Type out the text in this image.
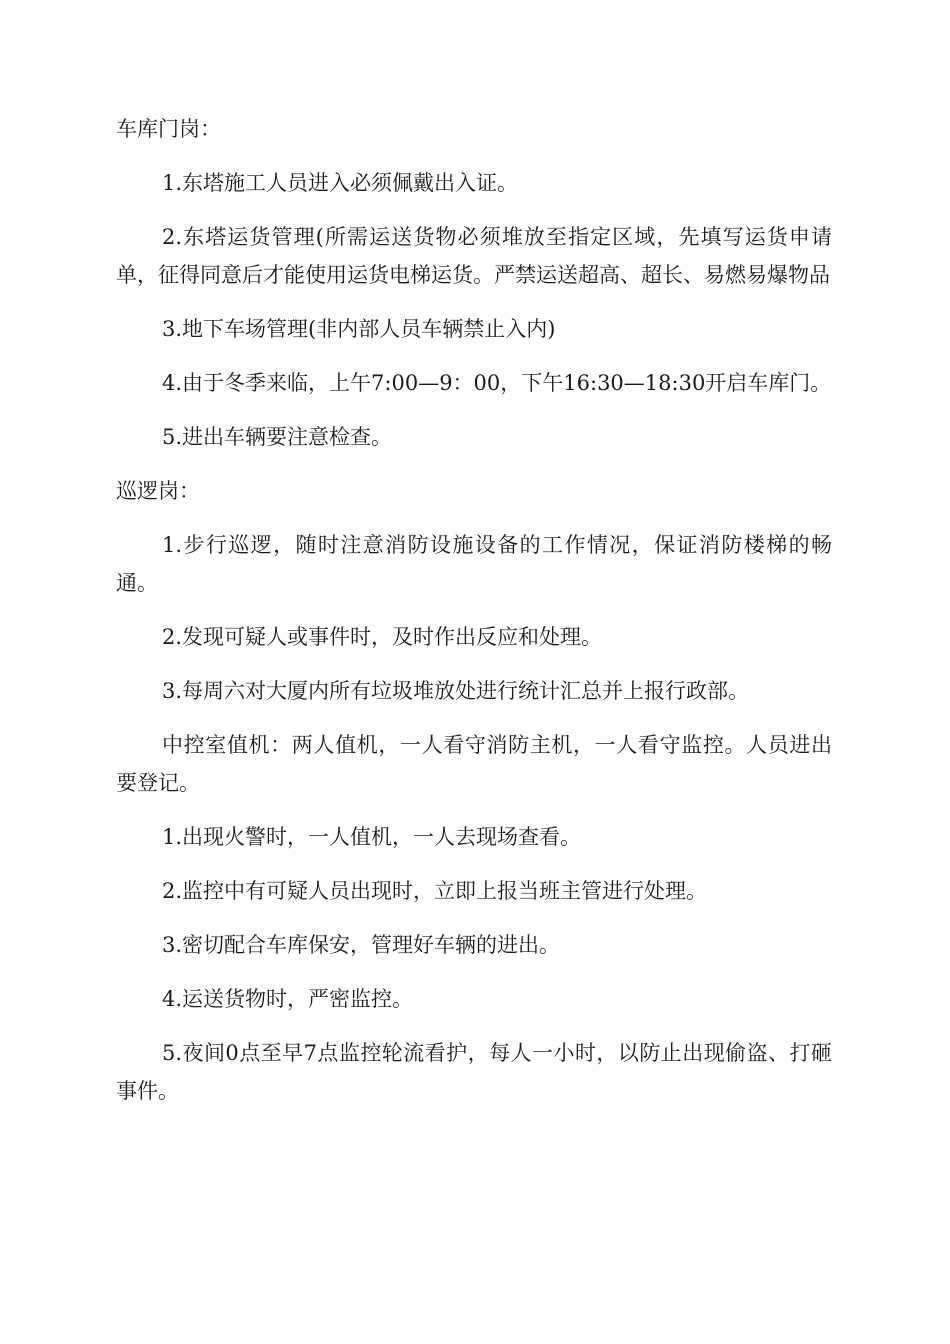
车库门岗：

1.东塔施工人员进入必须佩戴出入证。

2.东塔运货管理(所需运送货物必须堆放至指定区域，先填写运货申请单，征得同意后才能使用运货电梯运货。严禁运送超高、超长、易燃易爆物品

3.地下车场管理(非内部人员车辆禁止入内)

4.由于冬季来临，上午7:00—9：00，下午16:30—18:30开启车库门。

5.进出车辆要注意检查。

巡逻岗：

1.步行巡逻，随时注意消防设施设备的工作情况，保证消防楼梯的畅通。

2.发现可疑人或事件时，及时作出反应和处理。

3.每周六对大厦内所有垃圾堆放处进行统计汇总并上报行政部。

中控室值机：两人值机，一人看守消防主机，一人看守监控。人员进出要登记。

1.出现火警时，一人值机，一人去现场查看。

2.监控中有可疑人员出现时，立即上报当班主管进行处理。

3.密切配合车库保安，管理好车辆的进出。

4.运送货物时，严密监控。

5.夜间0点至早7点监控轮流看护，每人一小时，以防止出现偷盗、打砸事件。
